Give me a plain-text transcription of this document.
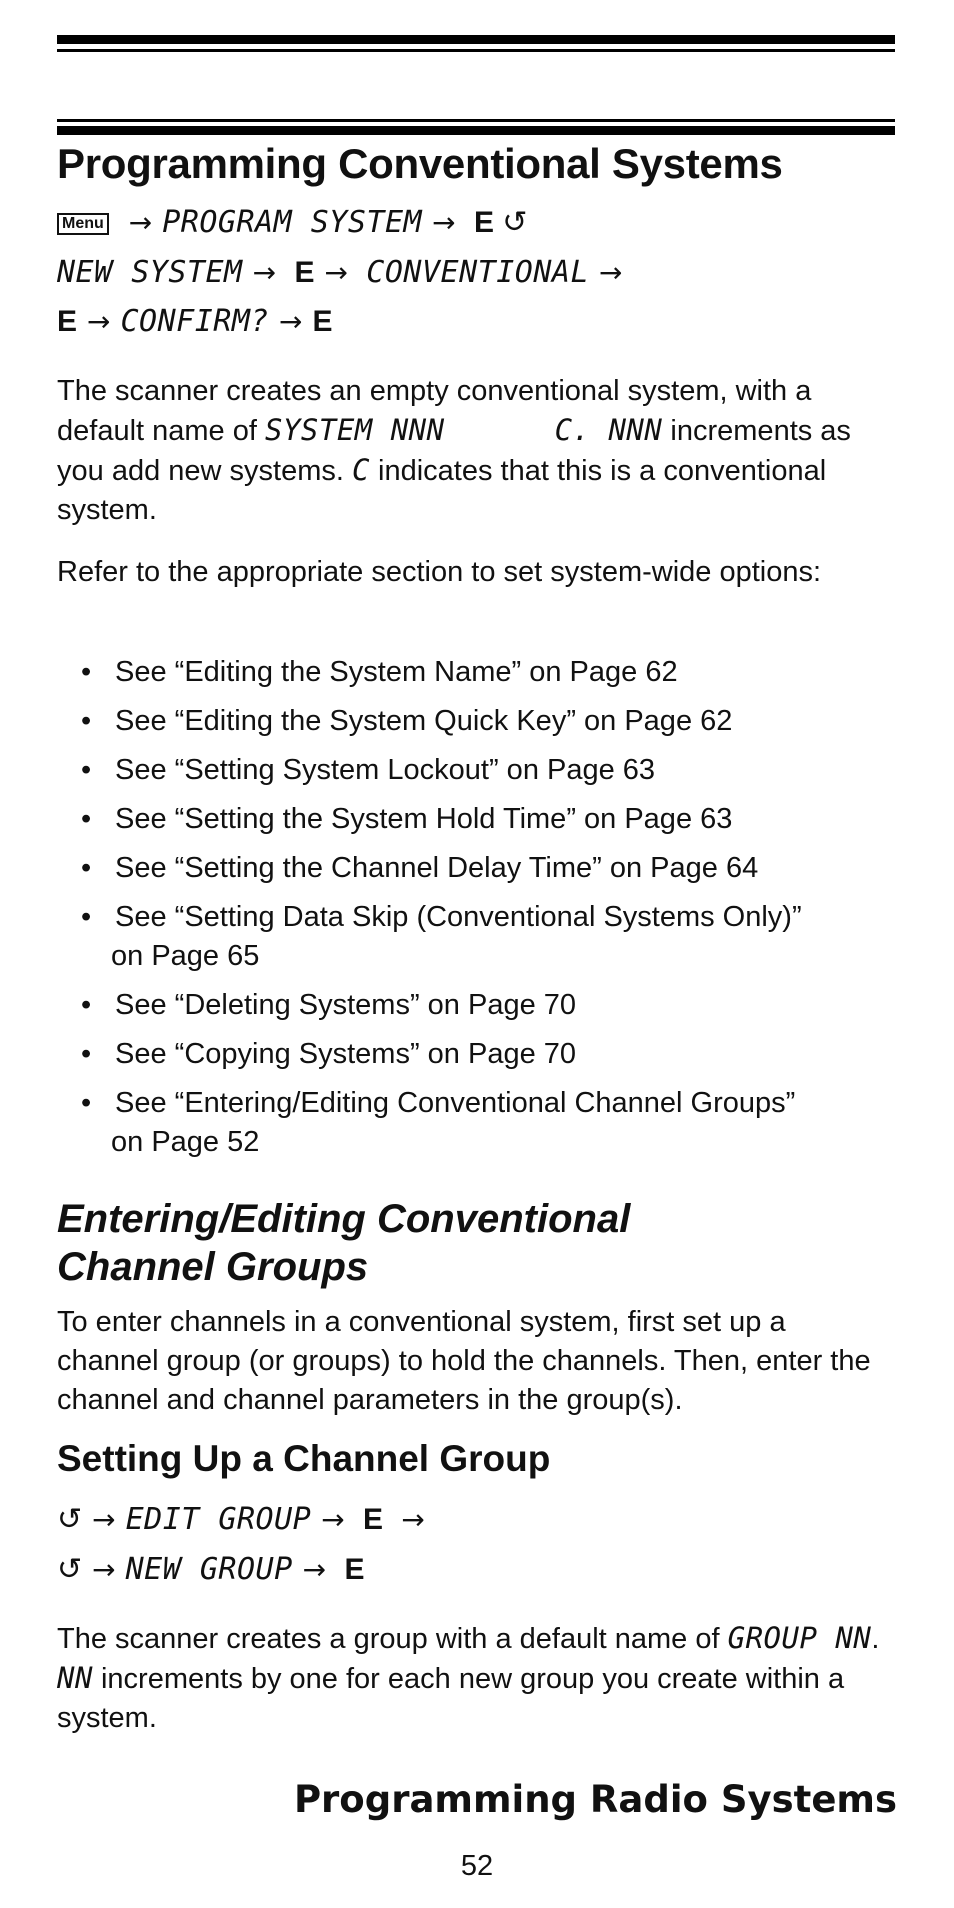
Programming Conventional Systems
Menu → PROGRAM SYSTEM → E ↺
NEW SYSTEM → E → CONVENTIONAL →
E → CONFIRM? → E

The scanner creates an empty conventional system, with a default name of SYSTEM NNN	C. NNN increments as you add new systems. C indicates that this is a conventional system.

Refer to the appropriate section to set system-wide options:

• See “Editing the System Name” on Page 62
• See “Editing the System Quick Key” on Page 62
• See “Setting System Lockout” on Page 63
• See “Setting the System Hold Time” on Page 63
• See “Setting the Channel Delay Time” on Page 64
• See “Setting Data Skip (Conventional Systems Only)”
on Page 65
• See “Deleting Systems” on Page 70
• See “Copying Systems” on Page 70
• See “Entering/Editing Conventional Channel Groups”
on Page 52
Entering/Editing Conventional
Channel Groups

To enter channels in a conventional system, first set up a channel group (or groups) to hold the channels. Then, enter the channel and channel parameters in the group(s).

Setting Up a Channel Group
↺ → EDIT GROUP → E →
↺ → NEW GROUP → E

The scanner creates a group with a default name of GROUP NN. NN increments by one for each new group you create within a system.

Programming Radio Systems
52
